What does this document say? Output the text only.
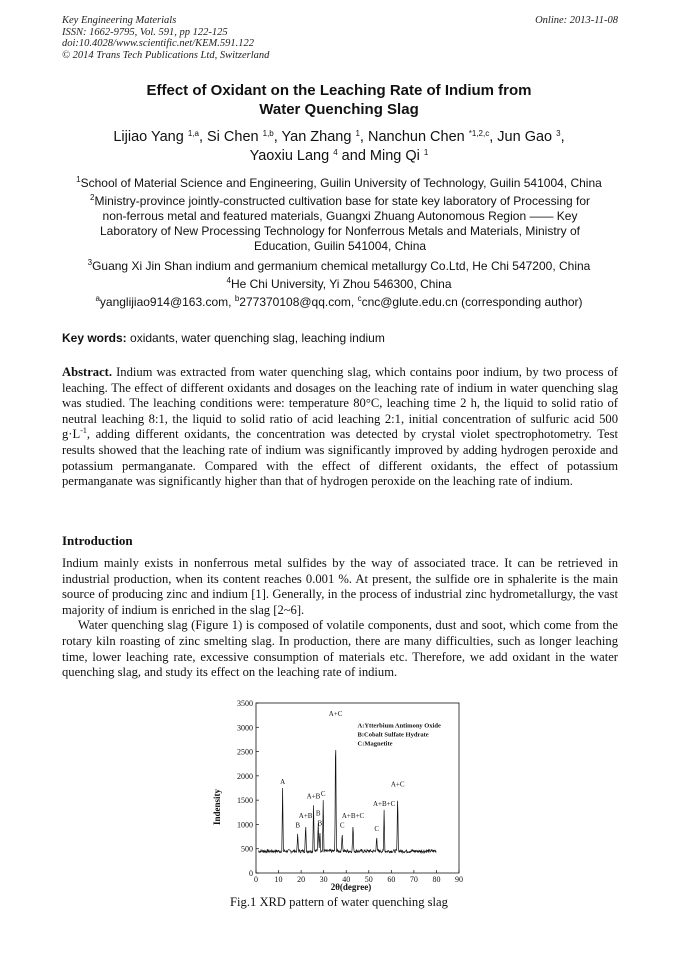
Key Engineering Materials
ISSN: 1662-9795, Vol. 591, pp 122-125
doi:10.4028/www.scientific.net/KEM.591.122
© 2014 Trans Tech Publications Ltd, Switzerland
Online: 2013-11-08
Effect of Oxidant on the Leaching Rate of Indium from
Water Quenching Slag
Lijiao Yang $^{1,a}$, Si Chen $^{1,b}$, Yan Zhang $^1$, Nanchun Chen $^{*1,2,c}$, Jun Gao $^3$,
Yaoxiu Lang $^4$ and Ming Qi $^1$
$^1$School of Material Science and Engineering, Guilin University of Technology, Guilin 541004, China
$^2$Ministry-province jointly-constructed cultivation base for state key laboratory of Processing for non-ferrous metal and featured materials, Guangxi Zhuang Autonomous Region —— Key Laboratory of New Processing Technology for Nonferrous Metals and Materials, Ministry of Education, Guilin 541004, China
$^3$Guang Xi Jin Shan indium and germanium chemical metallurgy Co.Ltd, He Chi 547200, China
$^4$He Chi University, Yi Zhou 546300, China
$^a$yanglijiao914@163.com, $^b$277370108@qq.com, $^c$cnc@glute.edu.cn (corresponding author)
Key words: oxidants, water quenching slag, leaching indium

Abstract. Indium was extracted from water quenching slag, which contains poor indium, by two process of leaching. The effect of different oxidants and dosages on the leaching rate of indium in water quenching slag was studied. The leaching conditions were: temperature 80°C, leaching time 2 h, the liquid to solid ratio of neutral leaching 8:1, the liquid to solid ratio of acid leaching 2:1, initial concentration of sulfuric acid 500 $g\cdot L^{-1}$, adding different oxidants, the concentration was detected by crystal violet spectrophotometry. Test results showed that the leaching rate of indium was significantly improved by adding hydrogen peroxide and potassium permanganate. Compared with the effect of different oxidants, the effect of potassium permanganate was significantly higher than that of hydrogen peroxide on the leaching rate of indium.

Introduction

Indium mainly exists in nonferrous metal sulfides by the way of associated trace. It can be retrieved in industrial production, when its content reaches 0.001 %. At present, the sulfide ore in sphalerite is the main source of producing zinc and indium [1]. Generally, in the process of industrial zinc hydrometallurgy, the vast majority of indium is enriched in the slag [2~6].

Water quenching slag (Figure 1) is composed of volatile components, dust and soot, which come from the rotary kiln roasting of zinc smelting slag. In production, there are many difficulties, such as longer leaching time, lower leaching rate, excessive consumption of materials etc. Therefore, we add oxidant in the water quenching slag, and study its effect on the leaching rate of indium.

0
500
1000
1500
2000
2500
3000
3500
0 10 20 30 40 50 60 70 80 90
A
B
A+B
A+B
B
B
C
A+C
C
A+B+C
C
A+B+C
A+C
A:Ytterbium Antimony Oxide
B:Cobalt Sulfate Hydrate
C:Magnetite
Indensity
2θ(degree)
Fig.1 XRD pattern of water quenching slag
